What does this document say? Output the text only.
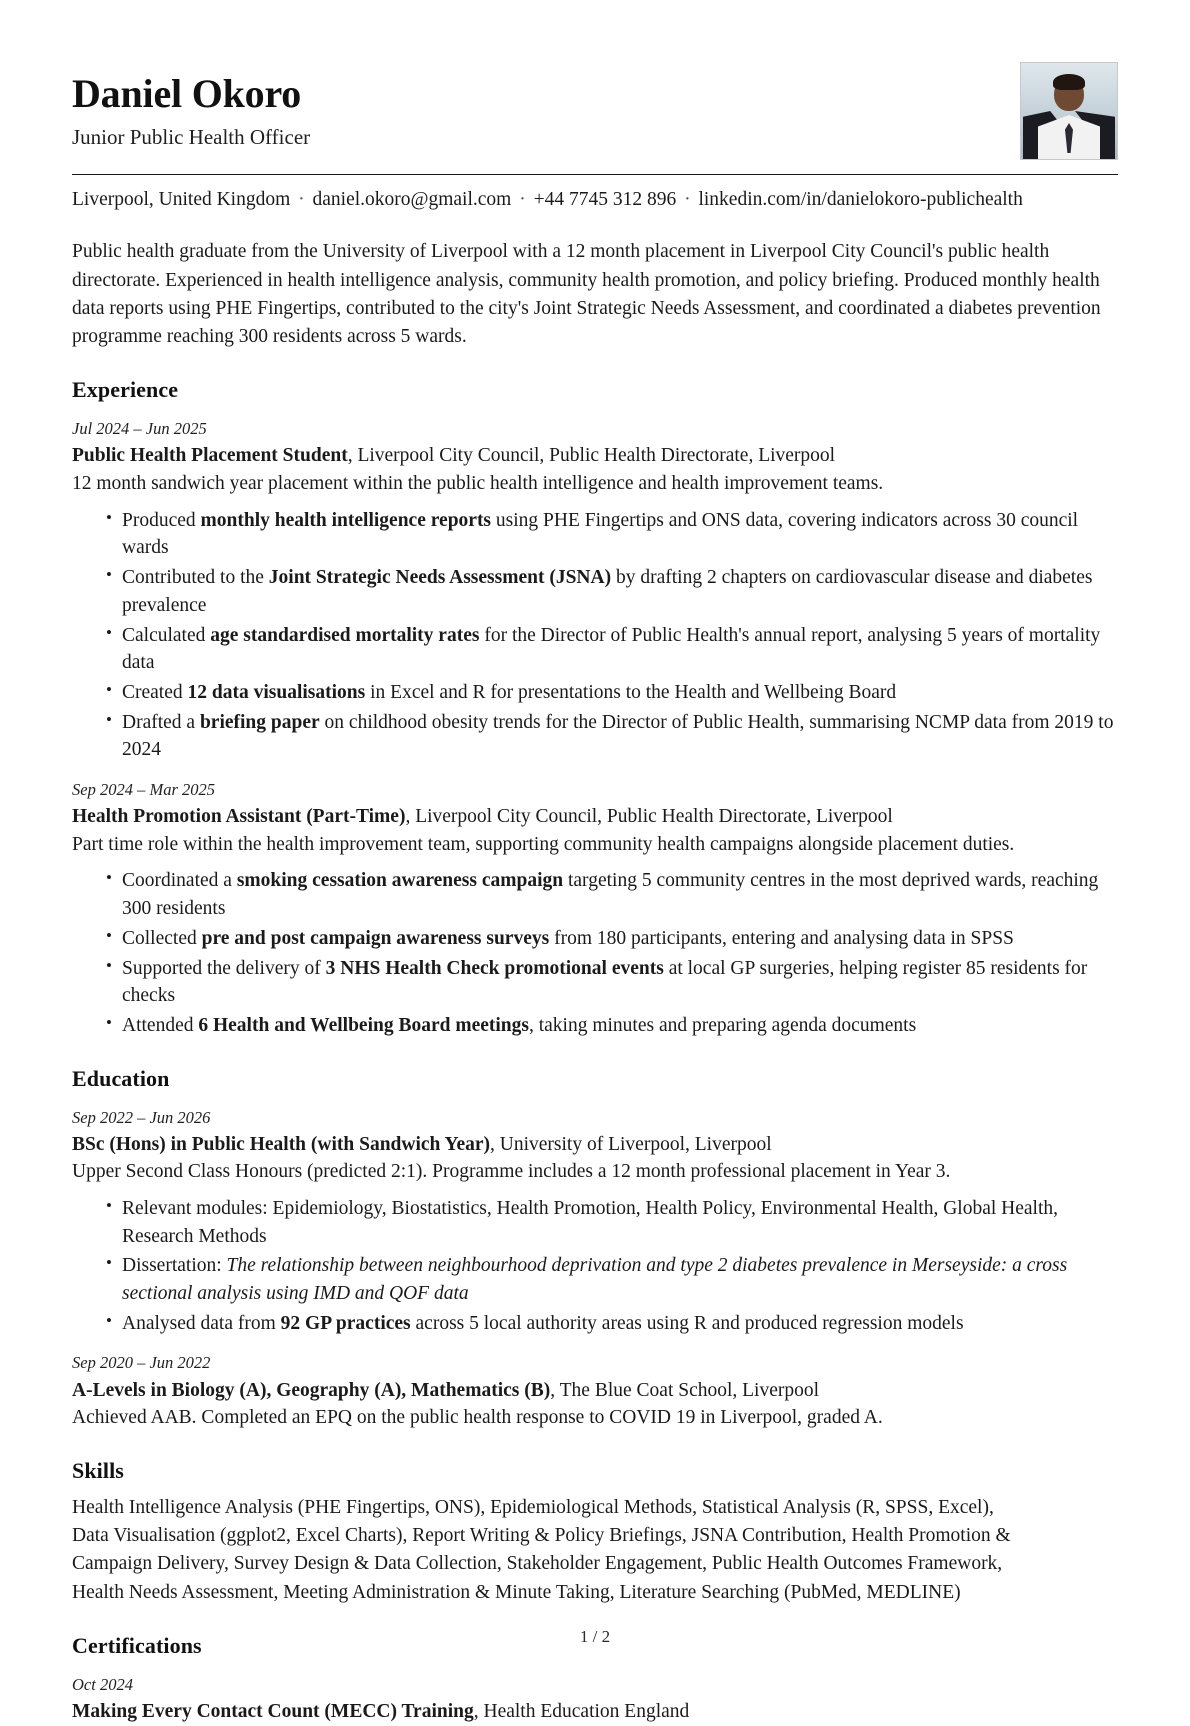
Daniel Okoro
Junior Public Health Officer
Liverpool, United Kingdom · daniel.okoro@gmail.com · +44 7745 312 896 · linkedin.com/in/danielokoro-publichealth
Public health graduate from the University of Liverpool with a 12 month placement in Liverpool City Council's public health directorate. Experienced in health intelligence analysis, community health promotion, and policy briefing. Produced monthly health data reports using PHE Fingertips, contributed to the city's Joint Strategic Needs Assessment, and coordinated a diabetes prevention programme reaching 300 residents across 5 wards.
Experience
Jul 2024 – Jun 2025
Public Health Placement Student, Liverpool City Council, Public Health Directorate, Liverpool
12 month sandwich year placement within the public health intelligence and health improvement teams.
• Produced monthly health intelligence reports using PHE Fingertips and ONS data, covering indicators across 30 council wards
• Contributed to the Joint Strategic Needs Assessment (JSNA) by drafting 2 chapters on cardiovascular disease and diabetes prevalence
• Calculated age standardised mortality rates for the Director of Public Health's annual report, analysing 5 years of mortality data
• Created 12 data visualisations in Excel and R for presentations to the Health and Wellbeing Board
• Drafted a briefing paper on childhood obesity trends for the Director of Public Health, summarising NCMP data from 2019 to 2024
Sep 2024 – Mar 2025
Health Promotion Assistant (Part-Time), Liverpool City Council, Public Health Directorate, Liverpool
Part time role within the health improvement team, supporting community health campaigns alongside placement duties.
• Coordinated a smoking cessation awareness campaign targeting 5 community centres in the most deprived wards, reaching 300 residents
• Collected pre and post campaign awareness surveys from 180 participants, entering and analysing data in SPSS
• Supported the delivery of 3 NHS Health Check promotional events at local GP surgeries, helping register 85 residents for checks
• Attended 6 Health and Wellbeing Board meetings, taking minutes and preparing agenda documents
Education
Sep 2022 – Jun 2026
BSc (Hons) in Public Health (with Sandwich Year), University of Liverpool, Liverpool
Upper Second Class Honours (predicted 2:1). Programme includes a 12 month professional placement in Year 3.
• Relevant modules: Epidemiology, Biostatistics, Health Promotion, Health Policy, Environmental Health, Global Health, Research Methods
• Dissertation: The relationship between neighbourhood deprivation and type 2 diabetes prevalence in Merseyside: a cross sectional analysis using IMD and QOF data
• Analysed data from 92 GP practices across 5 local authority areas using R and produced regression models
Sep 2020 – Jun 2022
A-Levels in Biology (A), Geography (A), Mathematics (B), The Blue Coat School, Liverpool
Achieved AAB. Completed an EPQ on the public health response to COVID 19 in Liverpool, graded A.
Skills
Health Intelligence Analysis (PHE Fingertips, ONS), Epidemiological Methods, Statistical Analysis (R, SPSS, Excel), Data Visualisation (ggplot2, Excel Charts), Report Writing & Policy Briefings, JSNA Contribution, Health Promotion & Campaign Delivery, Survey Design & Data Collection, Stakeholder Engagement, Public Health Outcomes Framework, Health Needs Assessment, Meeting Administration & Minute Taking, Literature Searching (PubMed, MEDLINE)
Certifications
Oct 2024
Making Every Contact Count (MECC) Training, Health Education England
1 / 2
